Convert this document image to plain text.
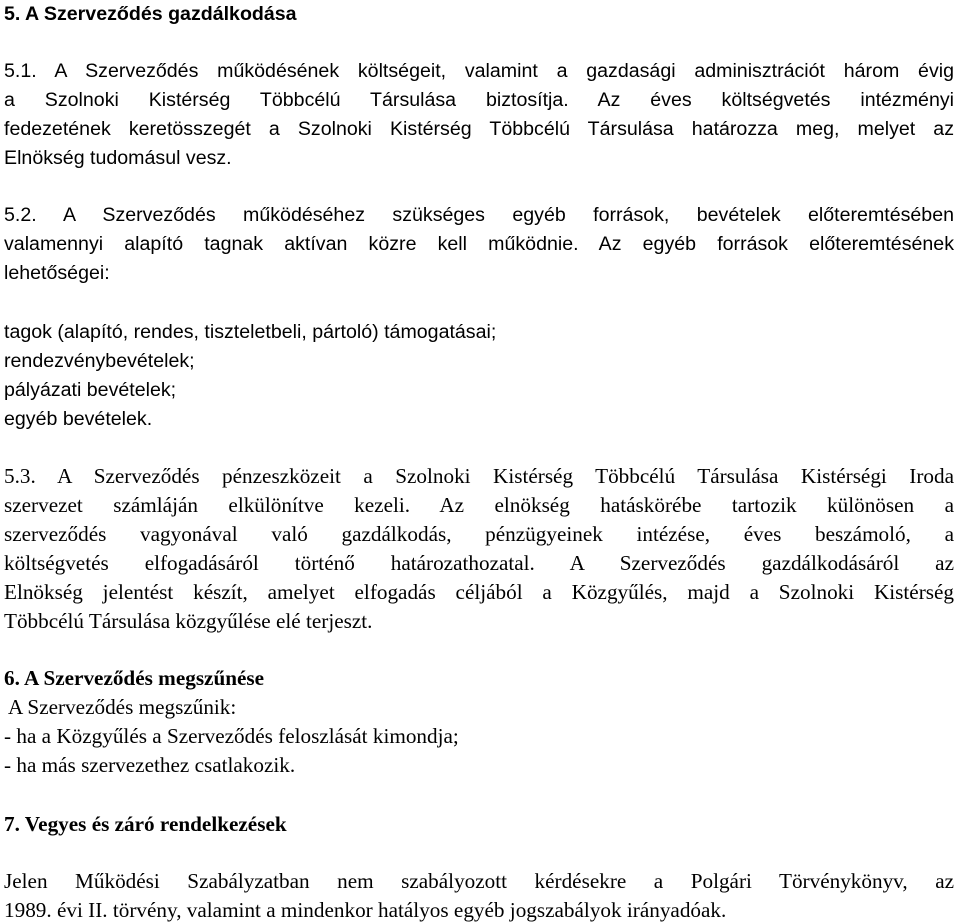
5. A Szerveződés gazdálkodása
5.1. A Szerveződés működésének költségeit, valamint a gazdasági adminisztrációt három évig
a Szolnoki Kistérség Többcélú Társulása biztosítja. Az éves költségvetés intézményi
fedezetének keretösszegét a Szolnoki Kistérség Többcélú Társulása határozza meg, melyet az
Elnökség tudomásul vesz.
5.2. A Szerveződés működéséhez szükséges egyéb források, bevételek előteremtésében
valamennyi alapító tagnak aktívan közre kell működnie. Az egyéb források előteremtésének
lehetőségei:
tagok (alapító, rendes, tiszteletbeli, pártoló) támogatásai;
rendezvénybevételek;
pályázati bevételek;
egyéb bevételek.
5.3. A Szerveződés pénzeszközeit a Szolnoki Kistérség Többcélú Társulása Kistérségi Iroda
szervezet számláján elkülönítve kezeli. Az elnökség hatáskörébe tartozik különösen a
szerveződés vagyonával való gazdálkodás, pénzügyeinek intézése, éves beszámoló, a
költségvetés elfogadásáról történő határozathozatal. A Szerveződés gazdálkodásáról az
Elnökség jelentést készít, amelyet elfogadás céljából a Közgyűlés, majd a Szolnoki Kistérség
Többcélú Társulása közgyűlése elé terjeszt.
6. A Szerveződés megszűnése
A Szerveződés megszűnik:
- ha a Közgyűlés a Szerveződés feloszlását kimondja;
- ha más szervezethez csatlakozik.
7. Vegyes és záró rendelkezések
Jelen Működési Szabályzatban nem szabályozott kérdésekre a Polgári Törvénykönyv, az
1989. évi II. törvény, valamint a mindenkor hatályos egyéb jogszabályok irányadóak.
